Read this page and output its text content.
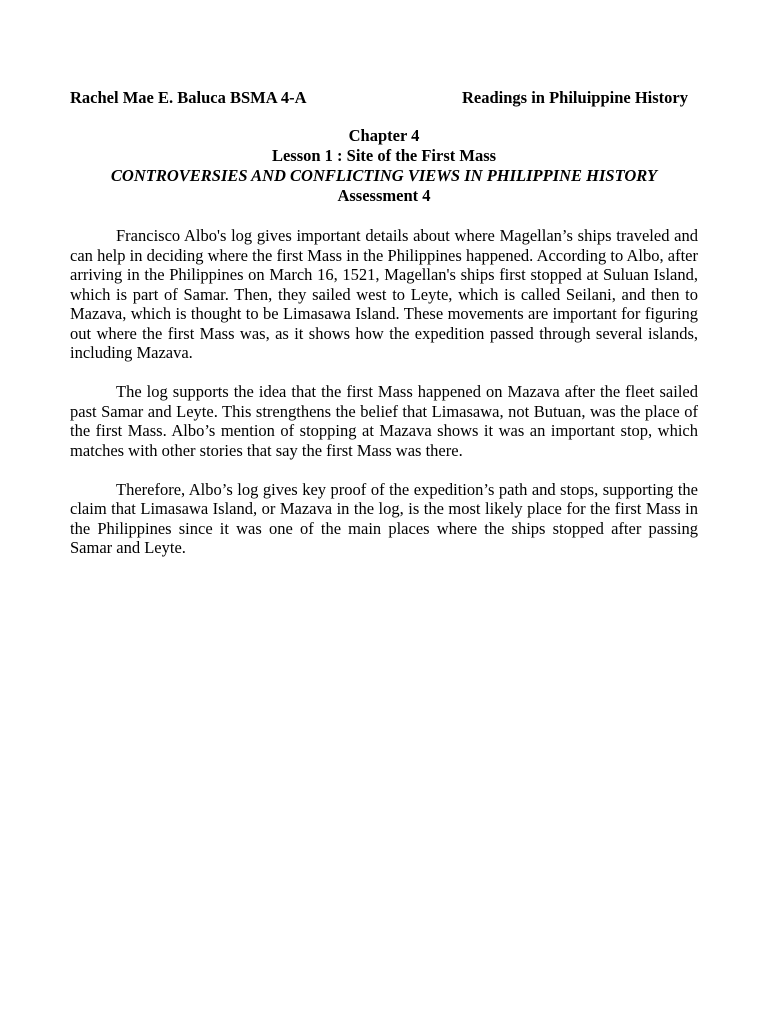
Rachel Mae E. Baluca BSMA 4-A	Readings in Philuippine History
Chapter 4
Lesson 1 : Site of the First Mass
CONTROVERSIES AND CONFLICTING VIEWS IN PHILIPPINE HISTORY
Assessment 4

Francisco Albo's log gives important details about where Magellan’s ships traveled and can help in deciding where the first Mass in the Philippines happened. According to Albo, after arriving in the Philippines on March 16, 1521, Magellan's ships first stopped at Suluan Island, which is part of Samar. Then, they sailed west to Leyte, which is called Seilani, and then to Mazava, which is thought to be Limasawa Island. These movements are important for figuring out where the first Mass was, as it shows how the expedition passed through several islands, including Mazava.

The log supports the idea that the first Mass happened on Mazava after the fleet sailed past Samar and Leyte. This strengthens the belief that Limasawa, not Butuan, was the place of the first Mass. Albo’s mention of stopping at Mazava shows it was an important stop, which matches with other stories that say the first Mass was there.

Therefore, Albo’s log gives key proof of the expedition’s path and stops, supporting the claim that Limasawa Island, or Mazava in the log, is the most likely place for the first Mass in the Philippines since it was one of the main places where the ships stopped after passing Samar and Leyte.
